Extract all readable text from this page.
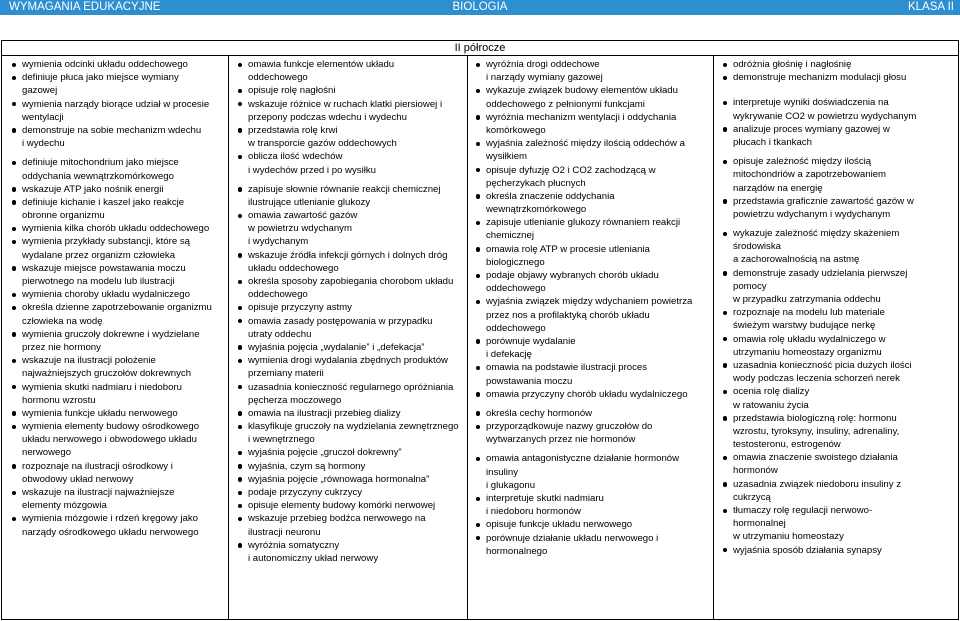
BIOLOGIA
WYMAGANIA EDUKACYJNE	KLASA II
II półrocze
wymienia odcinki układu oddechowego
definiuje płuca jako miejsce wymiany
gazowej
wymienia narządy biorące udział w procesie
wentylacji
demonstruje na sobie mechanizm wdechu
i wydechu
definiuje mitochondrium jako miejsce
oddychania wewnątrzkomórkowego
wskazuje ATP jako nośnik energii
definiuje kichanie i kaszel jako reakcje
obronne organizmu
wymienia kilka chorób układu oddechowego
wymienia przykłady substancji, które są
wydalane przez organizm człowieka
wskazuje miejsce powstawania moczu
pierwotnego na modelu lub ilustracji
wymienia choroby układu wydalniczego
określa dzienne zapotrzebowanie organizmu
człowieka na wodę
wymienia gruczoły dokrewne i wydzielane
przez nie hormony
wskazuje na ilustracji położenie
najważniejszych gruczołów dokrewnych
wymienia skutki nadmiaru i niedoboru
hormonu wzrostu
wymienia funkcje układu nerwowego
wymienia elementy budowy ośrodkowego
układu nerwowego i obwodowego układu
nerwowego
rozpoznaje na ilustracji ośrodkowy i
obwodowy układ nerwowy
wskazuje na ilustracji najważniejsze
elementy mózgowia
wymienia mózgowie i rdzeń kręgowy jako
narządy ośrodkowego układu nerwowego
omawia funkcje elementów układu
oddechowego
opisuje rolę nagłośni
wskazuje różnice w ruchach klatki piersiowej i
przepony podczas wdechu i wydechu
przedstawia rolę krwi
w transporcie gazów oddechowych
oblicza ilość wdechów
i wydechów przed i po wysiłku
zapisuje słownie równanie reakcji chemicznej
ilustrujące utlenianie glukozy
omawia zawartość gazów
w powietrzu wdychanym
i wydychanym
wskazuje źródła infekcji górnych i dolnych dróg
układu oddechowego
określa sposoby zapobiegania chorobom układu
oddechowego
opisuje przyczyny astmy
omawia zasady postępowania w przypadku
utraty oddechu
wyjaśnia pojęcia „wydalanie” i „defekacja”
wymienia drogi wydalania zbędnych produktów
przemiany materii
uzasadnia konieczność regularnego opróżniania
pęcherza moczowego
omawia na ilustracji przebieg dializy
klasyfikuje gruczoły na wydzielania zewnętrznego
i wewnętrznego
wyjaśnia pojęcie „gruczoł dokrewny”
wyjaśnia, czym są hormony
wyjaśnia pojęcie „równowaga hormonalna”
podaje przyczyny cukrzycy
opisuje elementy budowy komórki nerwowej
wskazuje przebieg bodźca nerwowego na
ilustracji neuronu
wyróżnia somatyczny
i autonomiczny układ nerwowy
wyróżnia drogi oddechowe
i narządy wymiany gazowej
wykazuje związek budowy elementów układu
oddechowego z pełnionymi funkcjami
wyróżnia mechanizm wentylacji i oddychania
komórkowego
wyjaśnia zależność między ilością oddechów a
wysiłkiem
opisuje dyfuzję O2 i CO2 zachodzącą w
pęcherzykach płucnych
określa znaczenie oddychania
wewnątrzkomórkowego
zapisuje utlenianie glukozy równaniem reakcji
chemicznej
omawia rolę ATP w procesie utleniania
biologicznego
podaje objawy wybranych chorób układu
oddechowego
wyjaśnia związek między wdychaniem powietrza
przez nos a profilaktyką chorób układu
oddechowego
porównuje wydalanie
i defekację
omawia na podstawie ilustracji proces
powstawania moczu
omawia przyczyny chorób układu wydalniczego
określa cechy hormonów
przyporządkowuje nazwy gruczołów do
wytwarzanych przez nie hormonów
omawia antagonistyczne działanie hormonów
insuliny
i glukagonu
interpretuje skutki nadmiaru
i niedoboru hormonów
opisuje funkcje układu nerwowego
porównuje działanie układu nerwowego i
hormonalnego
odróżnia głośnię i nagłośnię
demonstruje mechanizm modulacji głosu
interpretuje wyniki doświadczenia na
wykrywanie CO2 w powietrzu wydychanym
analizuje proces wymiany gazowej w
płucach i tkankach
opisuje zależność między ilością
mitochondriów a zapotrzebowaniem
narządów na energię
przedstawia graficznie zawartość gazów w
powietrzu wdychanym i wydychanym
wykazuje zależność między skażeniem
środowiska
a zachorowalnością na astmę
demonstruje zasady udzielania pierwszej
pomocy
w przypadku zatrzymania oddechu
rozpoznaje na modelu lub materiale
świeżym warstwy budujące nerkę
omawia rolę układu wydalniczego w
utrzymaniu homeostazy organizmu
uzasadnia konieczność picia dużych ilości
wody podczas leczenia schorzeń nerek
ocenia rolę dializy
w ratowaniu życia
przedstawia biologiczną rolę: hormonu
wzrostu, tyroksyny, insuliny, adrenaliny,
testosteronu, estrogenów
omawia znaczenie swoistego działania
hormonów
uzasadnia związek niedoboru insuliny z
cukrzycą
tłumaczy rolę regulacji nerwowo-
hormonalnej
w utrzymaniu homeostazy
wyjaśnia sposób działania synapsy
